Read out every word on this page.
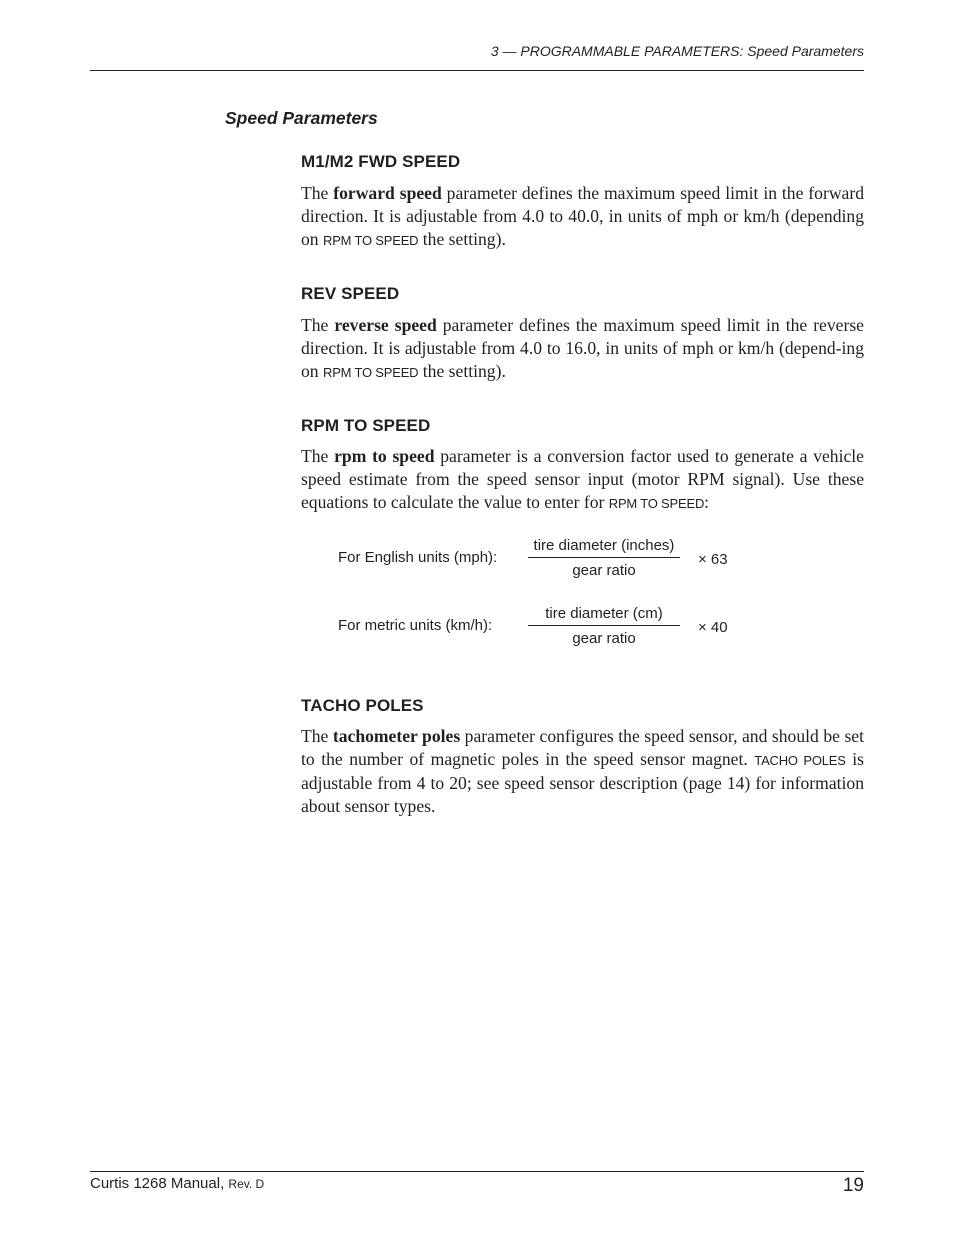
3 — PROGRAMMABLE PARAMETERS: Speed Parameters
Speed Parameters
M1/M2 FWD SPEED

The forward speed parameter defines the maximum speed limit in the forward direction. It is adjustable from 4.0 to 40.0, in units of mph or km/h (depending on RPM TO SPEED the setting).

REV SPEED

The reverse speed parameter defines the maximum speed limit in the reverse direction. It is adjustable from 4.0 to 16.0, in units of mph or km/h (depend-ing on RPM TO SPEED the setting).

RPM TO SPEED

The rpm to speed parameter is a conversion factor used to generate a vehicle speed estimate from the speed sensor input (motor RPM signal). Use these equations to calculate the value to enter for RPM TO SPEED:

For English units (mph):
tire diameter (inches)
gear ratio
× 63
For metric units (km/h):
tire diameter (cm)
gear ratio
× 40
TACHO POLES

The tachometer poles parameter configures the speed sensor, and should be set to the number of magnetic poles in the speed sensor magnet. TACHO POLES is adjustable from 4 to 20; see speed sensor description (page 14) for information about sensor types.

Curtis 1268 Manual, Rev. D	19
